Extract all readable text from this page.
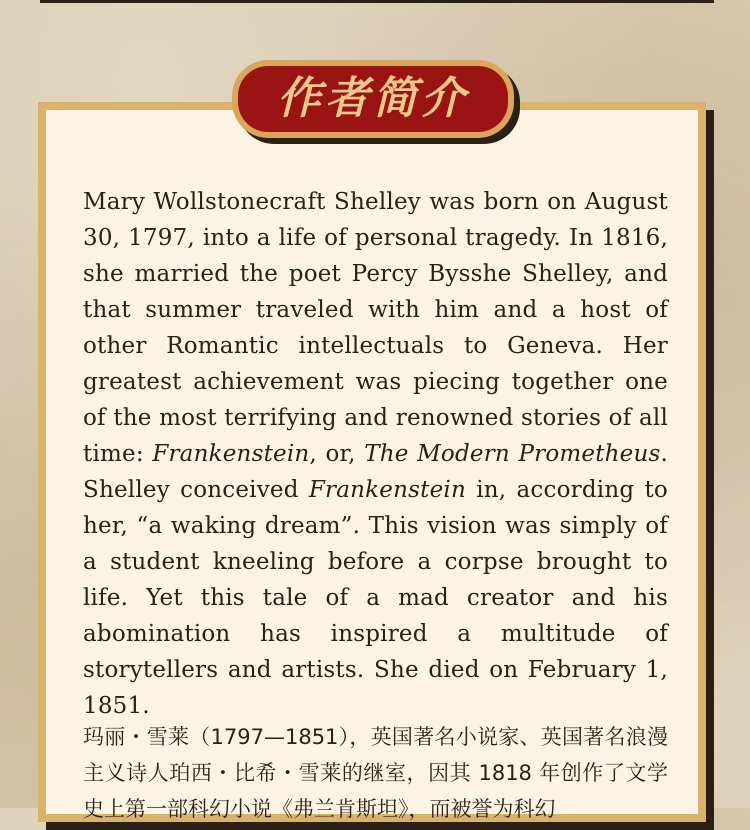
作者简介

Mary Wollstonecraft Shelley was born on August 30, 1797, into a life of personal tragedy. In 1816, she married the poet Percy Bysshe Shelley, and that summer traveled with him and a host of other Romantic intellectuals to Geneva. Her greatest achievement was piecing together one of the most terrifying and renowned stories of all time: Frankenstein, or, The Modern Prometheus. Shelley conceived Frankenstein in, according to her, “a waking dream”. This vision was simply of a student kneeling before a corpse brought to life. Yet this tale of a mad creator and his abomination has inspired a multitude of storytellers and artists. She died on February 1, 1851.

玛丽・雪莱（1797—1851），英国著名小说家、英国著名浪漫主义诗人珀西・比希・雪莱的继室，因其 1818 年创作了文学史上第一部科幻小说《弗兰肯斯坦》，而被誉为科幻
